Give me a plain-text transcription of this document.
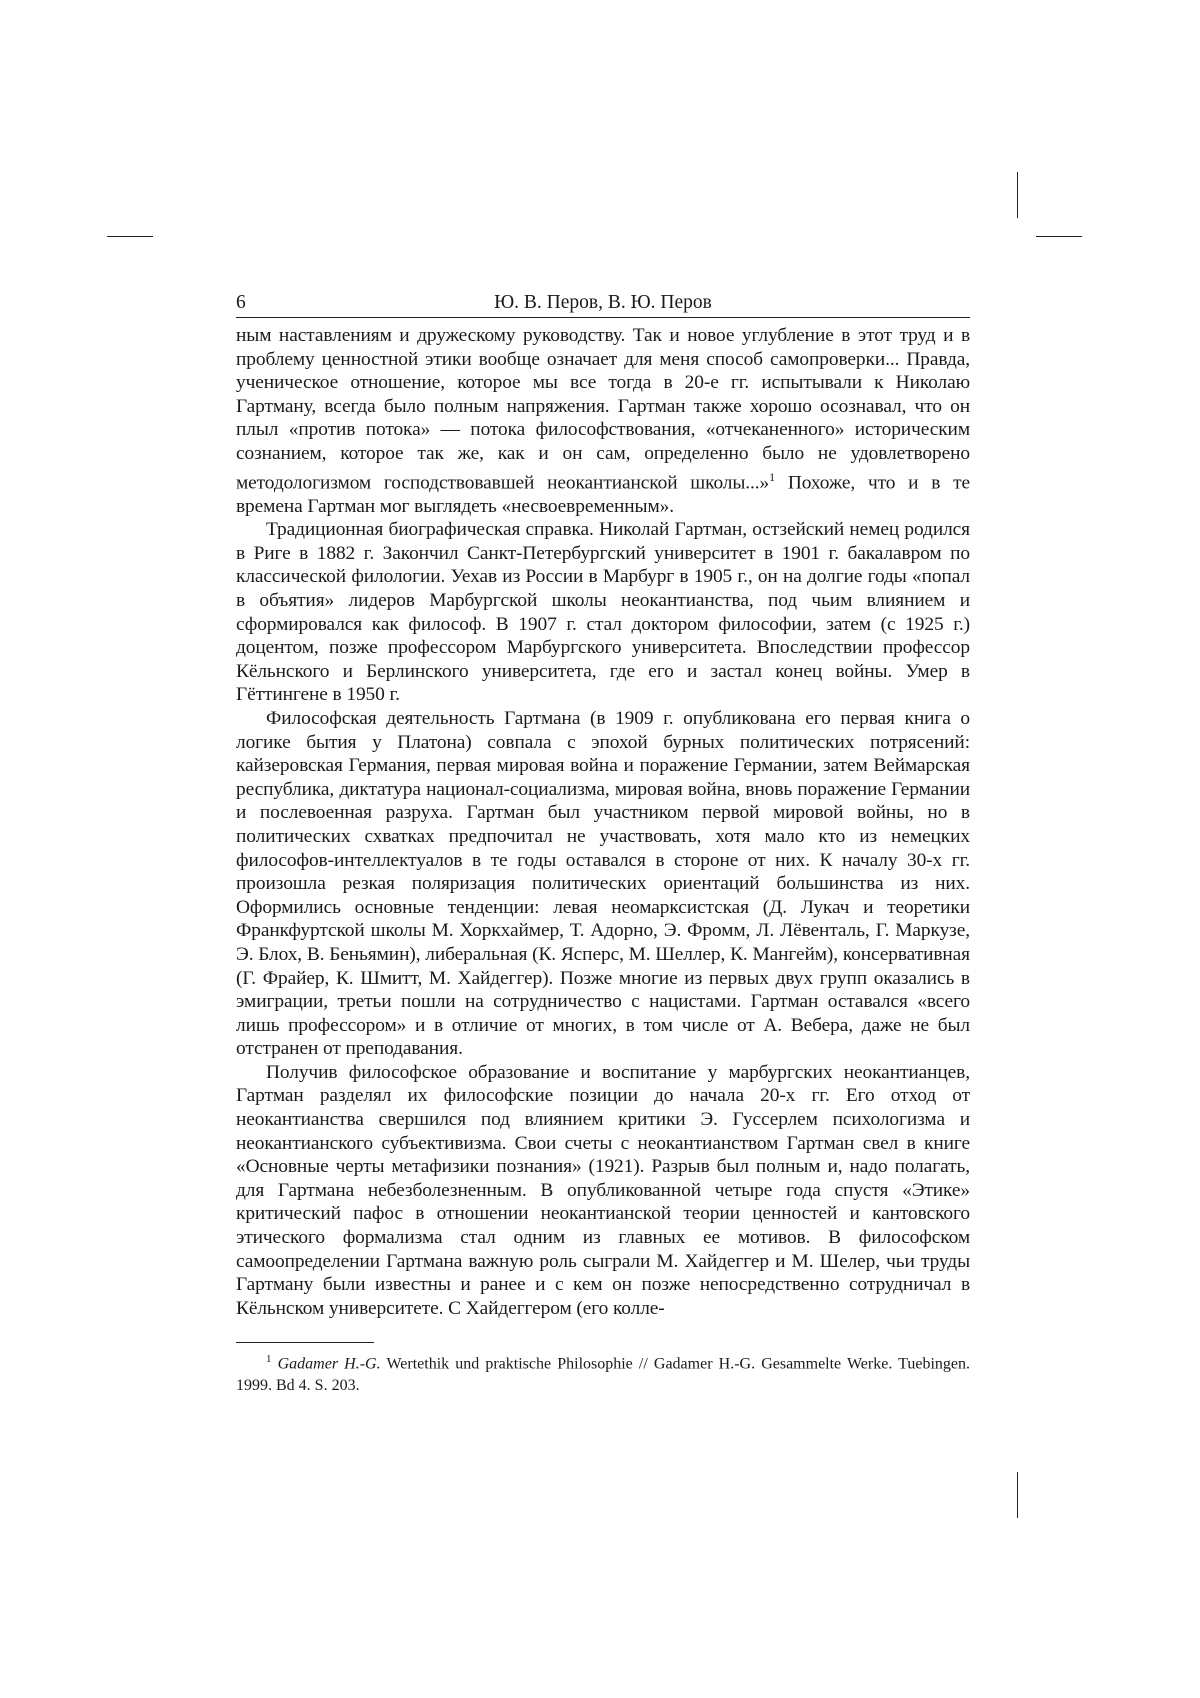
6	Ю. В. Перов, В. Ю. Перов

ным наставлениям и дружескому руководству. Так и новое углубление в этот труд и в проблему ценностной этики вообще означает для меня способ самопроверки... Правда, ученическое отношение, которое мы все тогда в 20-е гг. испытывали к Николаю Гартману, всегда было полным напряжения. Гартман также хорошо осознавал, что он плыл «против потока» — потока философствования, «отчеканенного» историческим сознанием, которое так же, как и он сам, определенно было не удовлетворено методологизмом господствовавшей неокантианской школы...»$^1$ Похоже, что и в те времена Гартман мог выглядеть «несвоевременным».

Традиционная биографическая справка. Николай Гартман, остзейский немец родился в Риге в 1882 г. Закончил Санкт-Петербургский университет в 1901 г. бакалавром по классической филологии. Уехав из России в Марбург в 1905 г., он на долгие годы «попал в объятия» лидеров Марбургской школы неокантианства, под чьим влиянием и сформировался как философ. В 1907 г. стал доктором философии, затем (с 1925 г.) доцентом, позже профессором Марбургского университета. Впоследствии профессор Кёльнского и Берлинского университета, где его и застал конец войны. Умер в Гёттингене в 1950 г.

Философская деятельность Гартмана (в 1909 г. опубликована его первая книга о логике бытия у Платона) совпала с эпохой бурных политических потрясений: кайзеровская Германия, первая мировая война и поражение Германии, затем Веймарская республика, диктатура национал-социализма, мировая война, вновь поражение Германии и послевоенная разруха. Гартман был участником первой мировой войны, но в политических схватках предпочитал не участвовать, хотя мало кто из немецких философов-интеллектуалов в те годы оставался в стороне от них. К началу 30-х гг. произошла резкая поляризация политических ориентаций большинства из них. Оформились основные тенденции: левая неомарксистская (Д. Лукач и теоретики Франкфуртской школы М. Хоркхаймер, Т. Адорно, Э. Фромм, Л. Лёвенталь, Г. Маркузе, Э. Блох, В. Беньямин), либеральная (К. Ясперс, М. Шеллер, К. Мангейм), консервативная (Г. Фрайер, К. Шмитт, М. Хайдеггер). Позже многие из первых двух групп оказались в эмиграции, третьи пошли на сотрудничество с нацистами. Гартман оставался «всего лишь профессором» и в отличие от многих, в том числе от А. Вебера, даже не был отстранен от преподавания.

Получив философское образование и воспитание у марбургских неокантианцев, Гартман разделял их философские позиции до начала 20-х гг. Его отход от неокантианства свершился под влиянием критики Э. Гуссерлем психологизма и неокантианского субъективизма. Свои счеты с неокантианством Гартман свел в книге «Основные черты метафизики познания» (1921). Разрыв был полным и, надо полагать, для Гартмана небезболезненным. В опубликованной четыре года спустя «Этике» критический пафос в отношении неокантианской теории ценностей и кантовского этического формализма стал одним из главных ее мотивов. В философском самоопределении Гартмана важную роль сыграли М. Хайдеггер и М. Шелер, чьи труды Гартману были известны и ранее и с кем он позже непосредственно сотрудничал в Кёльнском университете. С Хайдеггером (его колле-

$^1$ Gadamer H.-G. Wertethik und praktische Philosophie // Gadamer H.-G. Gesammelte Werke. Tuebingen. 1999. Bd 4. S. 203.
